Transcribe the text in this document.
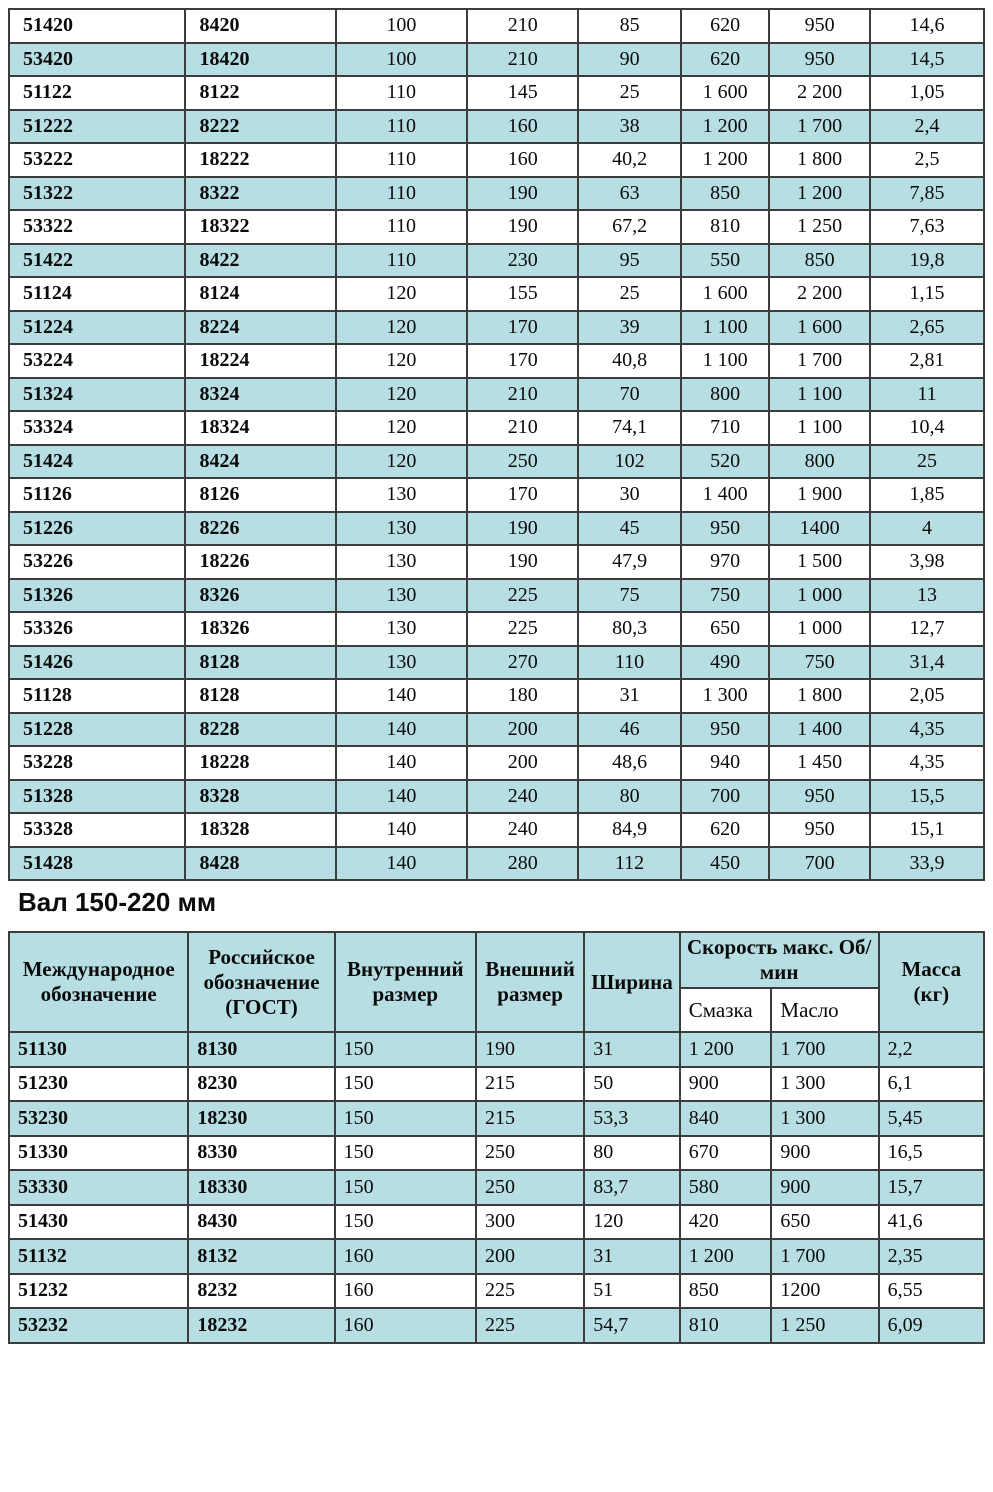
51420	8420	100	210	85	620	950	14,6
53420	18420	100	210	90	620	950	14,5
51122	8122	110	145	25	1 600	2 200	1,05
51222	8222	110	160	38	1 200	1 700	2,4
53222	18222	110	160	40,2	1 200	1 800	2,5
51322	8322	110	190	63	850	1 200	7,85
53322	18322	110	190	67,2	810	1 250	7,63
51422	8422	110	230	95	550	850	19,8
51124	8124	120	155	25	1 600	2 200	1,15
51224	8224	120	170	39	1 100	1 600	2,65
53224	18224	120	170	40,8	1 100	1 700	2,81
51324	8324	120	210	70	800	1 100	11
53324	18324	120	210	74,1	710	1 100	10,4
51424	8424	120	250	102	520	800	25
51126	8126	130	170	30	1 400	1 900	1,85
51226	8226	130	190	45	950	1400	4
53226	18226	130	190	47,9	970	1 500	3,98
51326	8326	130	225	75	750	1 000	13
53326	18326	130	225	80,3	650	1 000	12,7
51426	8128	130	270	110	490	750	31,4
51128	8128	140	180	31	1 300	1 800	2,05
51228	8228	140	200	46	950	1 400	4,35
53228	18228	140	200	48,6	940	1 450	4,35
51328	8328	140	240	80	700	950	15,5
53328	18328	140	240	84,9	620	950	15,1
51428	8428	140	280	112	450	700	33,9
Вал 150-220 мм
Международное обозначение	Российское обозначение (ГОСТ)	Внутренний размер	Внешний размер	Ширина	Скорость макс. Об/мин		Масса (кг)
					Смазка	Масло	
51130	8130	150	190	31	1 200	1 700	2,2
51230	8230	150	215	50	900	1 300	6,1
53230	18230	150	215	53,3	840	1 300	5,45
51330	8330	150	250	80	670	900	16,5
53330	18330	150	250	83,7	580	900	15,7
51430	8430	150	300	120	420	650	41,6
51132	8132	160	200	31	1 200	1 700	2,35
51232	8232	160	225	51	850	1200	6,55
53232	18232	160	225	54,7	810	1 250	6,09
